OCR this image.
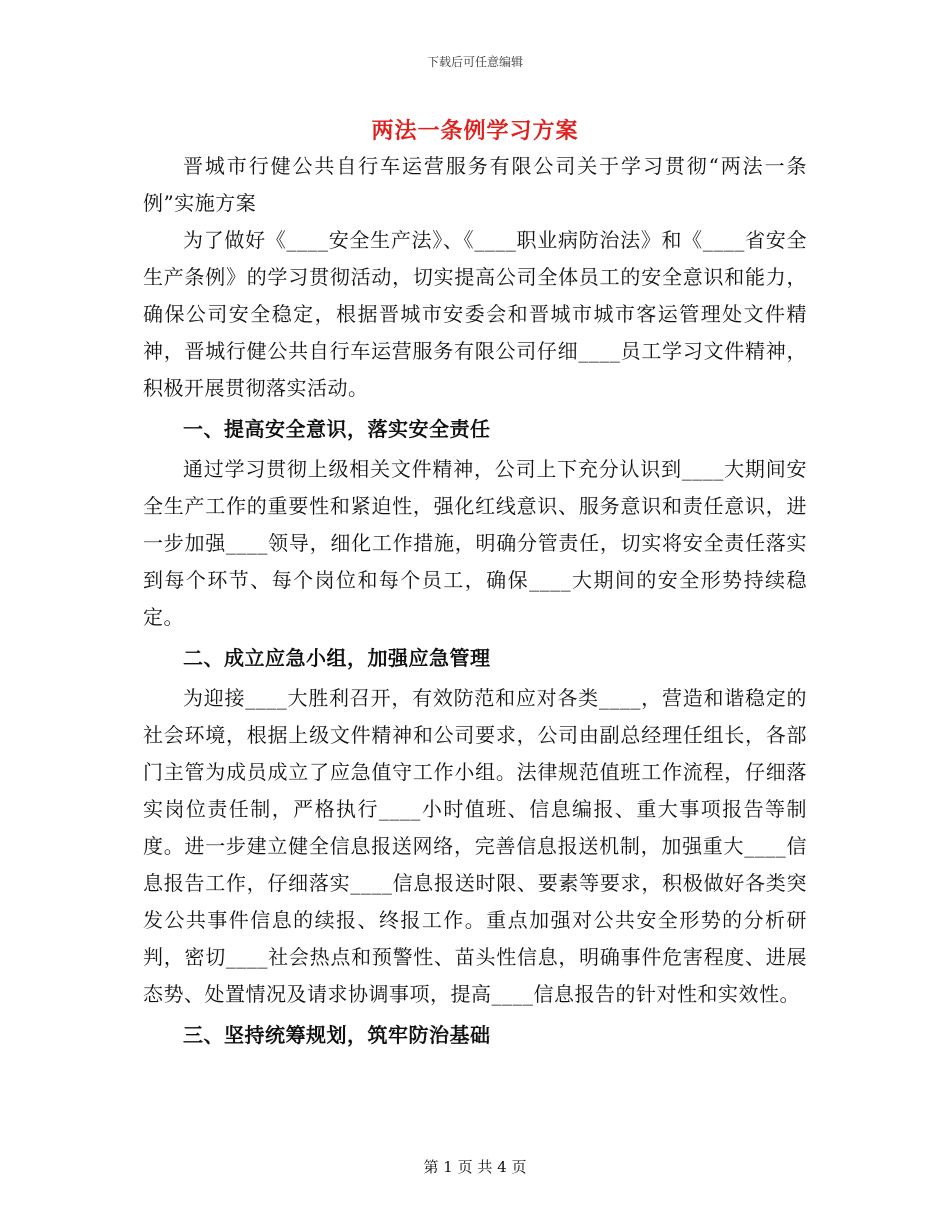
下载后可任意编辑
两法一条例学习方案

晋城市行健公共自行车运营服务有限公司关于学习贯彻“两法一条例”实施方案

为了做好《____安全生产法》、《____职业病防治法》和《____省安全生产条例》的学习贯彻活动，切实提高公司全体员工的安全意识和能力，确保公司安全稳定，根据晋城市安委会和晋城市城市客运管理处文件精神，晋城行健公共自行车运营服务有限公司仔细____员工学习文件精神，积极开展贯彻落实活动。

一、提高安全意识，落实安全责任

通过学习贯彻上级相关文件精神，公司上下充分认识到____大期间安全生产工作的重要性和紧迫性，强化红线意识、服务意识和责任意识，进一步加强____领导，细化工作措施，明确分管责任，切实将安全责任落实到每个环节、每个岗位和每个员工，确保____大期间的安全形势持续稳定。

二、成立应急小组，加强应急管理

为迎接____大胜利召开，有效防范和应对各类____，营造和谐稳定的社会环境，根据上级文件精神和公司要求，公司由副总经理任组长，各部门主管为成员成立了应急值守工作小组。法律规范值班工作流程，仔细落实岗位责任制，严格执行____小时值班、信息编报、重大事项报告等制度。进一步建立健全信息报送网络，完善信息报送机制，加强重大____信息报告工作，仔细落实____信息报送时限、要素等要求，积极做好各类突发公共事件信息的续报、终报工作。重点加强对公共安全形势的分析研判，密切____社会热点和预警性、苗头性信息，明确事件危害程度、进展态势、处置情况及请求协调事项，提高____信息报告的针对性和实效性。

三、坚持统筹规划，筑牢防治基础
第 1 页 共 4 页
